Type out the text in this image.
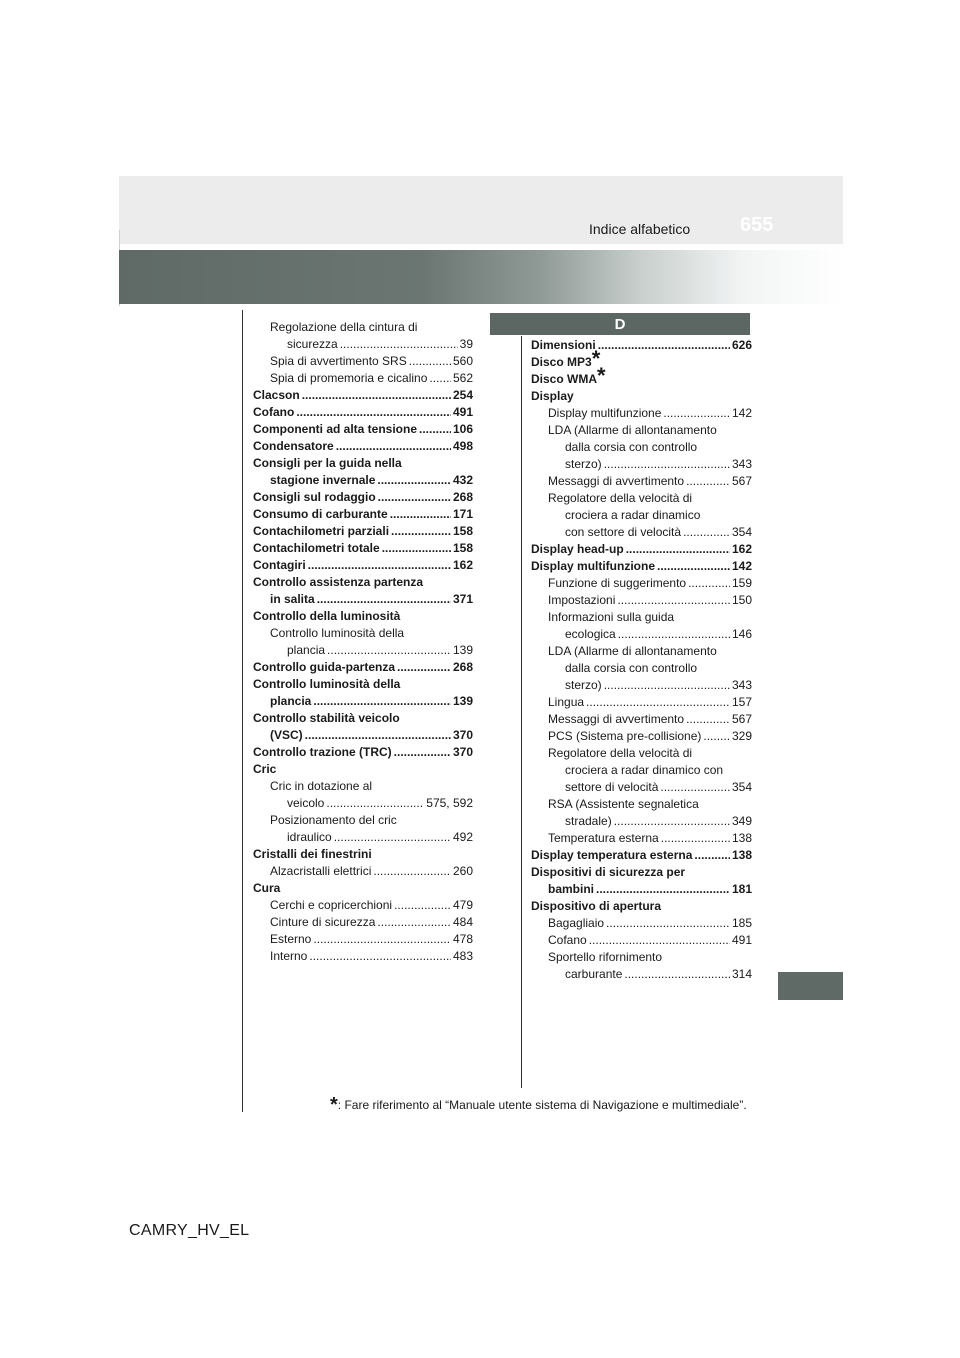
655
Indice alfabetico
D
Regolazione della cintura di
sicurezza .....	39
Spia di avvertimento SRS .....	560
Spia di promemoria e cicalino ..... 562
Clacson .....	254
Cofano .....	491
Componenti ad alta tensione .....	106
Condensatore .....	498
Consigli per la guida nella
stagione invernale .....	432
Consigli sul rodaggio .....	268
Consumo di carburante .....	171
Contachilometri parziali .....	158
Contachilometri totale .....	158
Contagiri .....	162
Controllo assistenza partenza
in salita .....	371
Controllo della luminosità
Controllo luminosità della
plancia .....	139
Controllo guida-partenza .....	268
Controllo luminosità della
plancia .....	139
Controllo stabilità veicolo
(VSC) .....	370
Controllo trazione (TRC) .....	370
Cric
Cric in dotazione al
veicolo .....	575, 592
Posizionamento del cric
idraulico .....	492
Cristalli dei finestrini
Alzacristalli elettrici .....	260
Cura
Cerchi e copricerchioni .....	479
Cinture di sicurezza .....	484
Esterno .....	478
Interno .....	483
Dimensioni .....	626
Disco MP3 *
Disco WMA *
Display
Display multifunzione .....	142
LDA (Allarme di allontanamento
dalla corsia con controllo
sterzo) .....	343
Messaggi di avvertimento .....	567
Regolatore della velocità di
crociera a radar dinamico
con settore di velocità .....	354
Display head-up .....	162
Display multifunzione .....	142
Funzione di suggerimento .....	159
Impostazioni .....	150
Informazioni sulla guida
ecologica .....	146
LDA (Allarme di allontanamento
dalla corsia con controllo
sterzo) .....	343
Lingua .....	157
Messaggi di avvertimento .....	567
PCS (Sistema pre-collisione) .....	329
Regolatore della velocità di
crociera a radar dinamico con
settore di velocità .....	354
RSA (Assistente segnaletica
stradale) .....	349
Temperatura esterna .....	138
Display temperatura esterna .....	138
Dispositivi di sicurezza per
bambini .....	181
Dispositivo di apertura
Bagagliaio .....	185
Cofano .....	491
Sportello rifornimento
carburante .....	314
*: Fare riferimento al “Manuale utente sistema di Navigazione e multimediale”.
CAMRY_HV_EL
